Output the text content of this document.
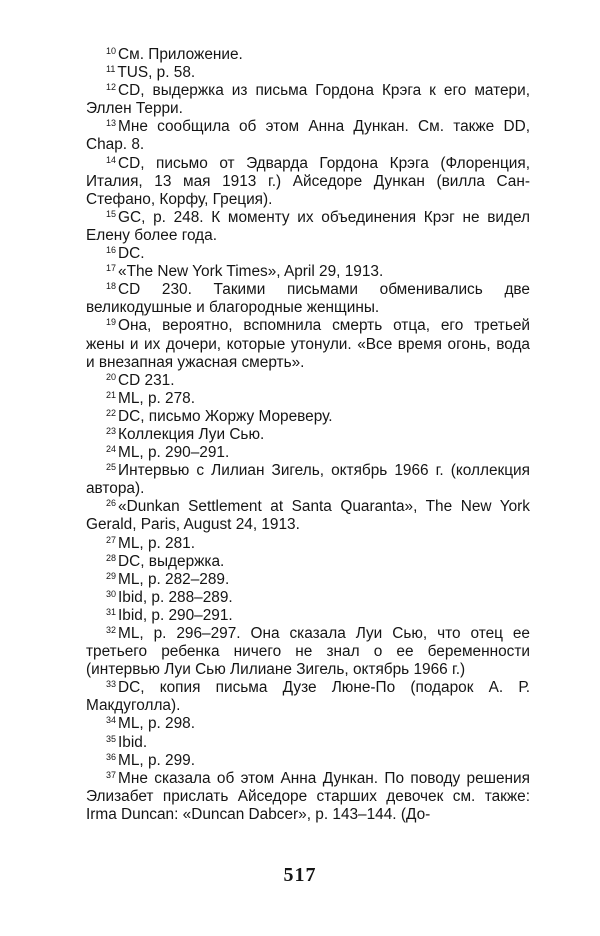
$^{10}$ См. Приложение.

$^{11}$ TUS, p. 58.

$^{12}$ CD, выдержка из письма Гордона Крэга к его матери, Эллен Терри.

$^{13}$ Мне сообщила об этом Анна Дункан. См. также DD, Chap. 8.

$^{14}$ CD, письмо от Эдварда Гордона Крэга (Флоренция, Италия, 13 мая 1913 г.) Айседоре Дункан (вилла Сан-Стефано, Корфу, Греция).

$^{15}$ GC, p. 248. К моменту их объединения Крэг не видел Елену более года.

$^{16}$ DC.

$^{17}$ «The New York Times», April 29, 1913.

$^{18}$ CD 230. Такими письмами обменивались две великодушные и благородные женщины.

$^{19}$ Она, вероятно, вспомнила смерть отца, его третьей жены и их дочери, которые утонули. «Все время огонь, вода и внезапная ужасная смерть».

$^{20}$ CD 231.

$^{21}$ ML, p. 278.

$^{22}$ DC, письмо Жоржу Мореверу.

$^{23}$ Коллекция Луи Сью.

$^{24}$ ML, p. 290–291.

$^{25}$ Интервью с Лилиан Зигель, октябрь 1966 г. (коллекция автора).

$^{26}$ «Dunkan Settlement at Santa Quaranta», The New York Gerald, Paris, August 24, 1913.

$^{27}$ ML, p. 281.

$^{28}$ DC, выдержка.

$^{29}$ ML, p. 282–289.

$^{30}$ Ibid, p. 288–289.

$^{31}$ Ibid, p. 290–291.

$^{32}$ ML, p. 296–297. Она сказала Луи Сью, что отец ее третьего ребенка ничего не знал о ее беременности (интервью Луи Сью Лилиане Зигель, октябрь 1966 г.)

$^{33}$ DC, копия письма Дузе Люне-По (подарок А. Р. Макдуголла).

$^{34}$ ML, p. 298.

$^{35}$ Ibid.

$^{36}$ ML, p. 299.

$^{37}$ Мне сказала об этом Анна Дункан. По поводу решения Элизабет прислать Айседоре старших девочек см. также: Irma Duncan: «Duncan Dabcer», p. 143–144. (До-

517
